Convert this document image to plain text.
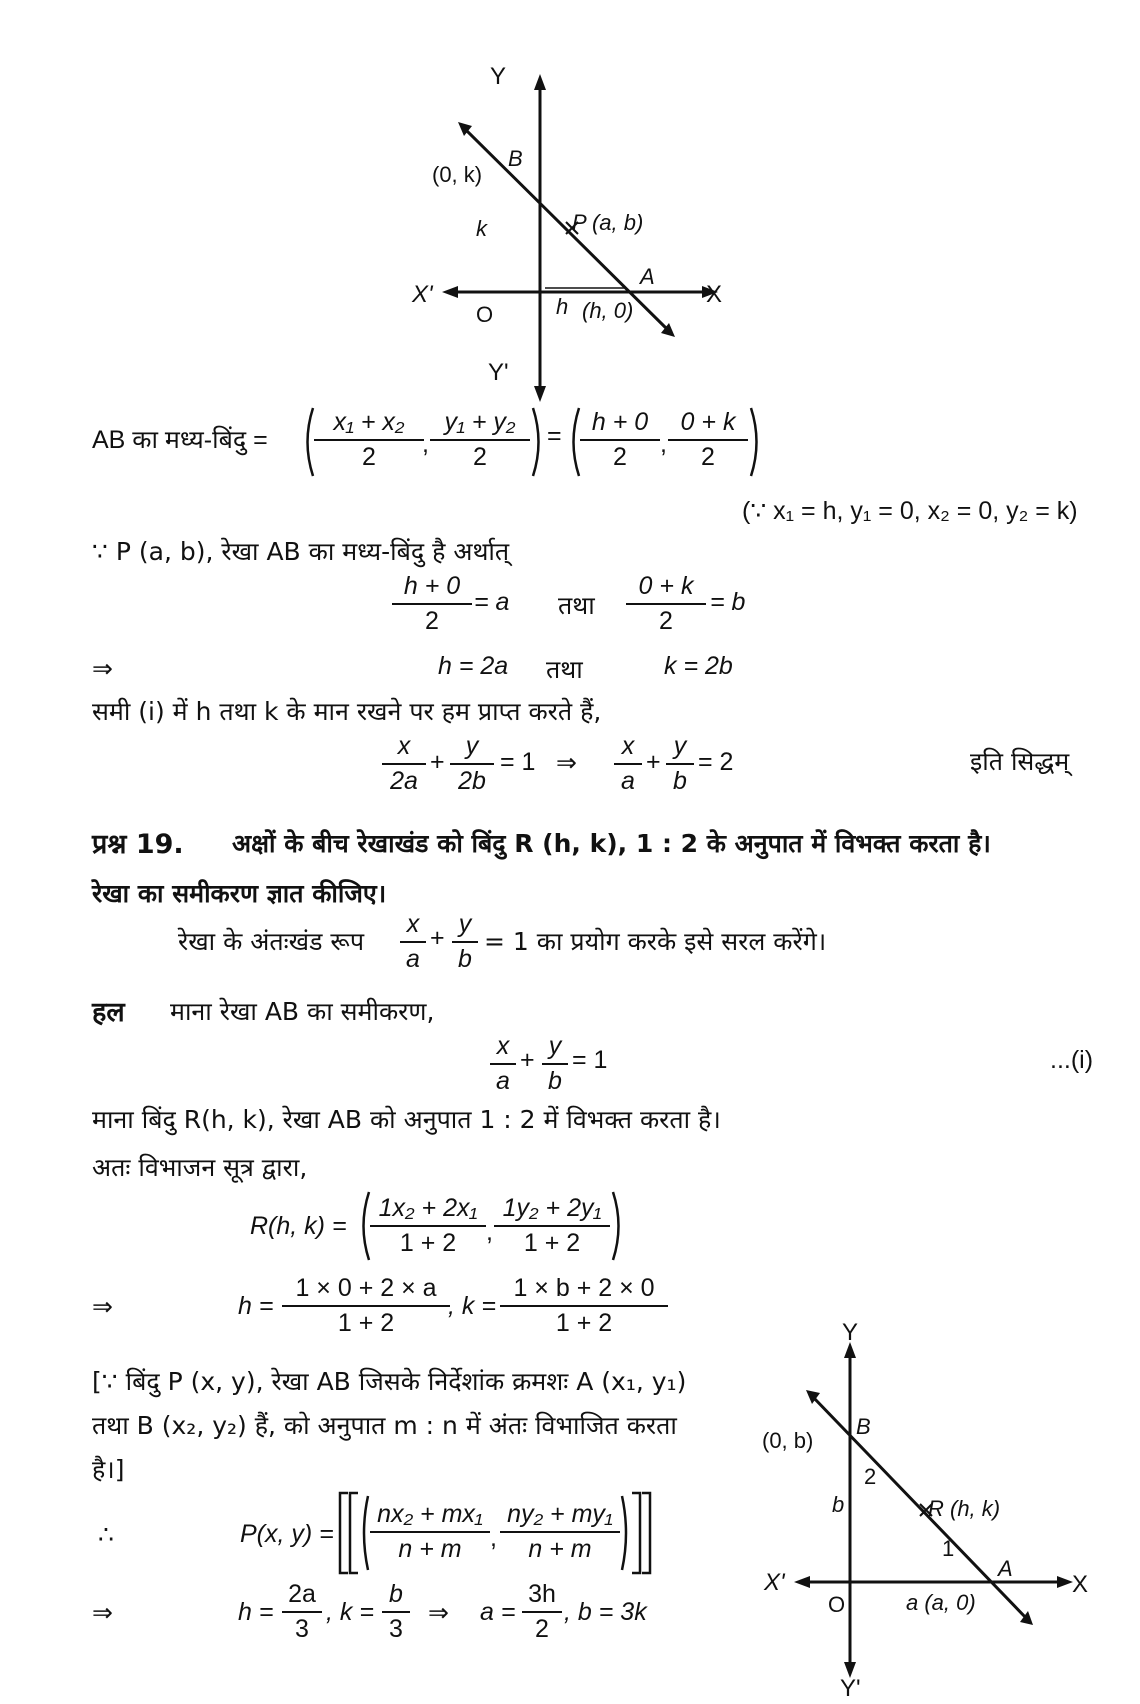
Y
Y'
X
X'
O
B
(0, k)
k	P (a, b)
A
h (h, 0)
AB का मध्य-बिंदु =
x₁ + x₂
2	,
y₁ + y₂
2
=	h + 0
2	,
0 + k
2
(∵ x₁ = h, y₁ = 0, x₂ = 0, y₂ = k)
∵ P (a, b), रेखा AB का मध्य-बिंदु है अर्थात्
h + 0
2
= a तथा
0 + k
2
= b
⇒	h = 2a तथा	k = 2b
समी (i) में h तथा k के मान रखने पर हम प्राप्त करते हैं,
x
2a
+
y
2b
= 1 ⇒
x
a
+
y
b
= 2	इति सिद्धम्
प्रश्न 19. अक्षों के बीच रेखाखंड को बिंदु R (h, k), 1 : 2 के अनुपात में विभक्त करता है।
रेखा का समीकरण ज्ञात कीजिए।
रेखा के अंतःखंड रूप
x
a
+ y
b
= 1 का प्रयोग करके इसे सरल करेंगे।
हल माना रेखा AB का समीकरण,
x
a
+ y
b
= 1	...(i)
माना बिंदु R(h, k), रेखा AB को अनुपात 1 : 2 में विभक्त करता है।
अतः विभाजन सूत्र द्वारा,
R(h, k) =
1x₂ + 2x₁
1 + 2	,
1y₂ + 2y₁
1 + 2
⇒	h =
1 × 0 + 2 × a
1 + 2
, k =
1 × b + 2 × 0
1 + 2
[∵ बिंदु P (x, y), रेखा AB जिसके निर्देशांक क्रमशः A (x₁, y₁)
तथा B (x₂, y₂) हैं, को अनुपात m : n में अंतः विभाजित करता
है।]
∴	P(x, y) =
nx₂ + mx₁
n + m	,
ny₂ + my₁
n + m
⇒	h =
2a
3
, k =
b
3
⇒ a =
3h
2
, b = 3k
Y
Y'
X
X'
O
B
(0, b)
b
2
R (h, k)
1
A
a (a, 0)
